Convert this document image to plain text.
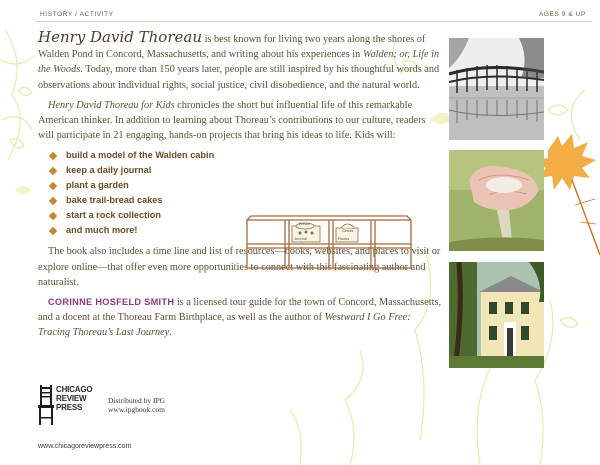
HISTORY / ACTIVITY	AGES 9 & UP

Henry David Thoreau is best known for living two years along the shores of Walden Pond in Concord, Massachusetts, and writing about his experiences in Walden; or, Life in the Woods. Today, more than 150 years later, people are still inspired by his thoughtful words and observations about individual rights, social justice, civil disobedience, and the natural world.

Henry David Thoreau for Kids chronicles the short but influential life of this remarkable American thinker. In addition to learning about Thoreau’s contributions to our culture, readers will participate in 21 engaging, hands-on projects that bring his ideas to life. Kids will:

build a model of the Walden cabin
keep a daily journal
plant a garden
bake trail-bread cakes
start a rock collection
and much more!

The book also includes a time line and list of resources—books, websites, and places to visit or explore online—that offer even more opportunities to connect with this fascinating author and naturalist.

CORINNE HOSFELD SMITH is a licensed tour guide for the town of Concord, Massachusetts, and a docent at the Thoreau Farm Birthplace, as well as the author of Westward I Go Free: Tracing Thoreau’s Last Journey.

Journal	Rocks
Seeds
Bread
CHICAGO
REVIEW
PRESS
Distributed by IPG
www.ipgbook.com
www.chicagoreviewpress.com
